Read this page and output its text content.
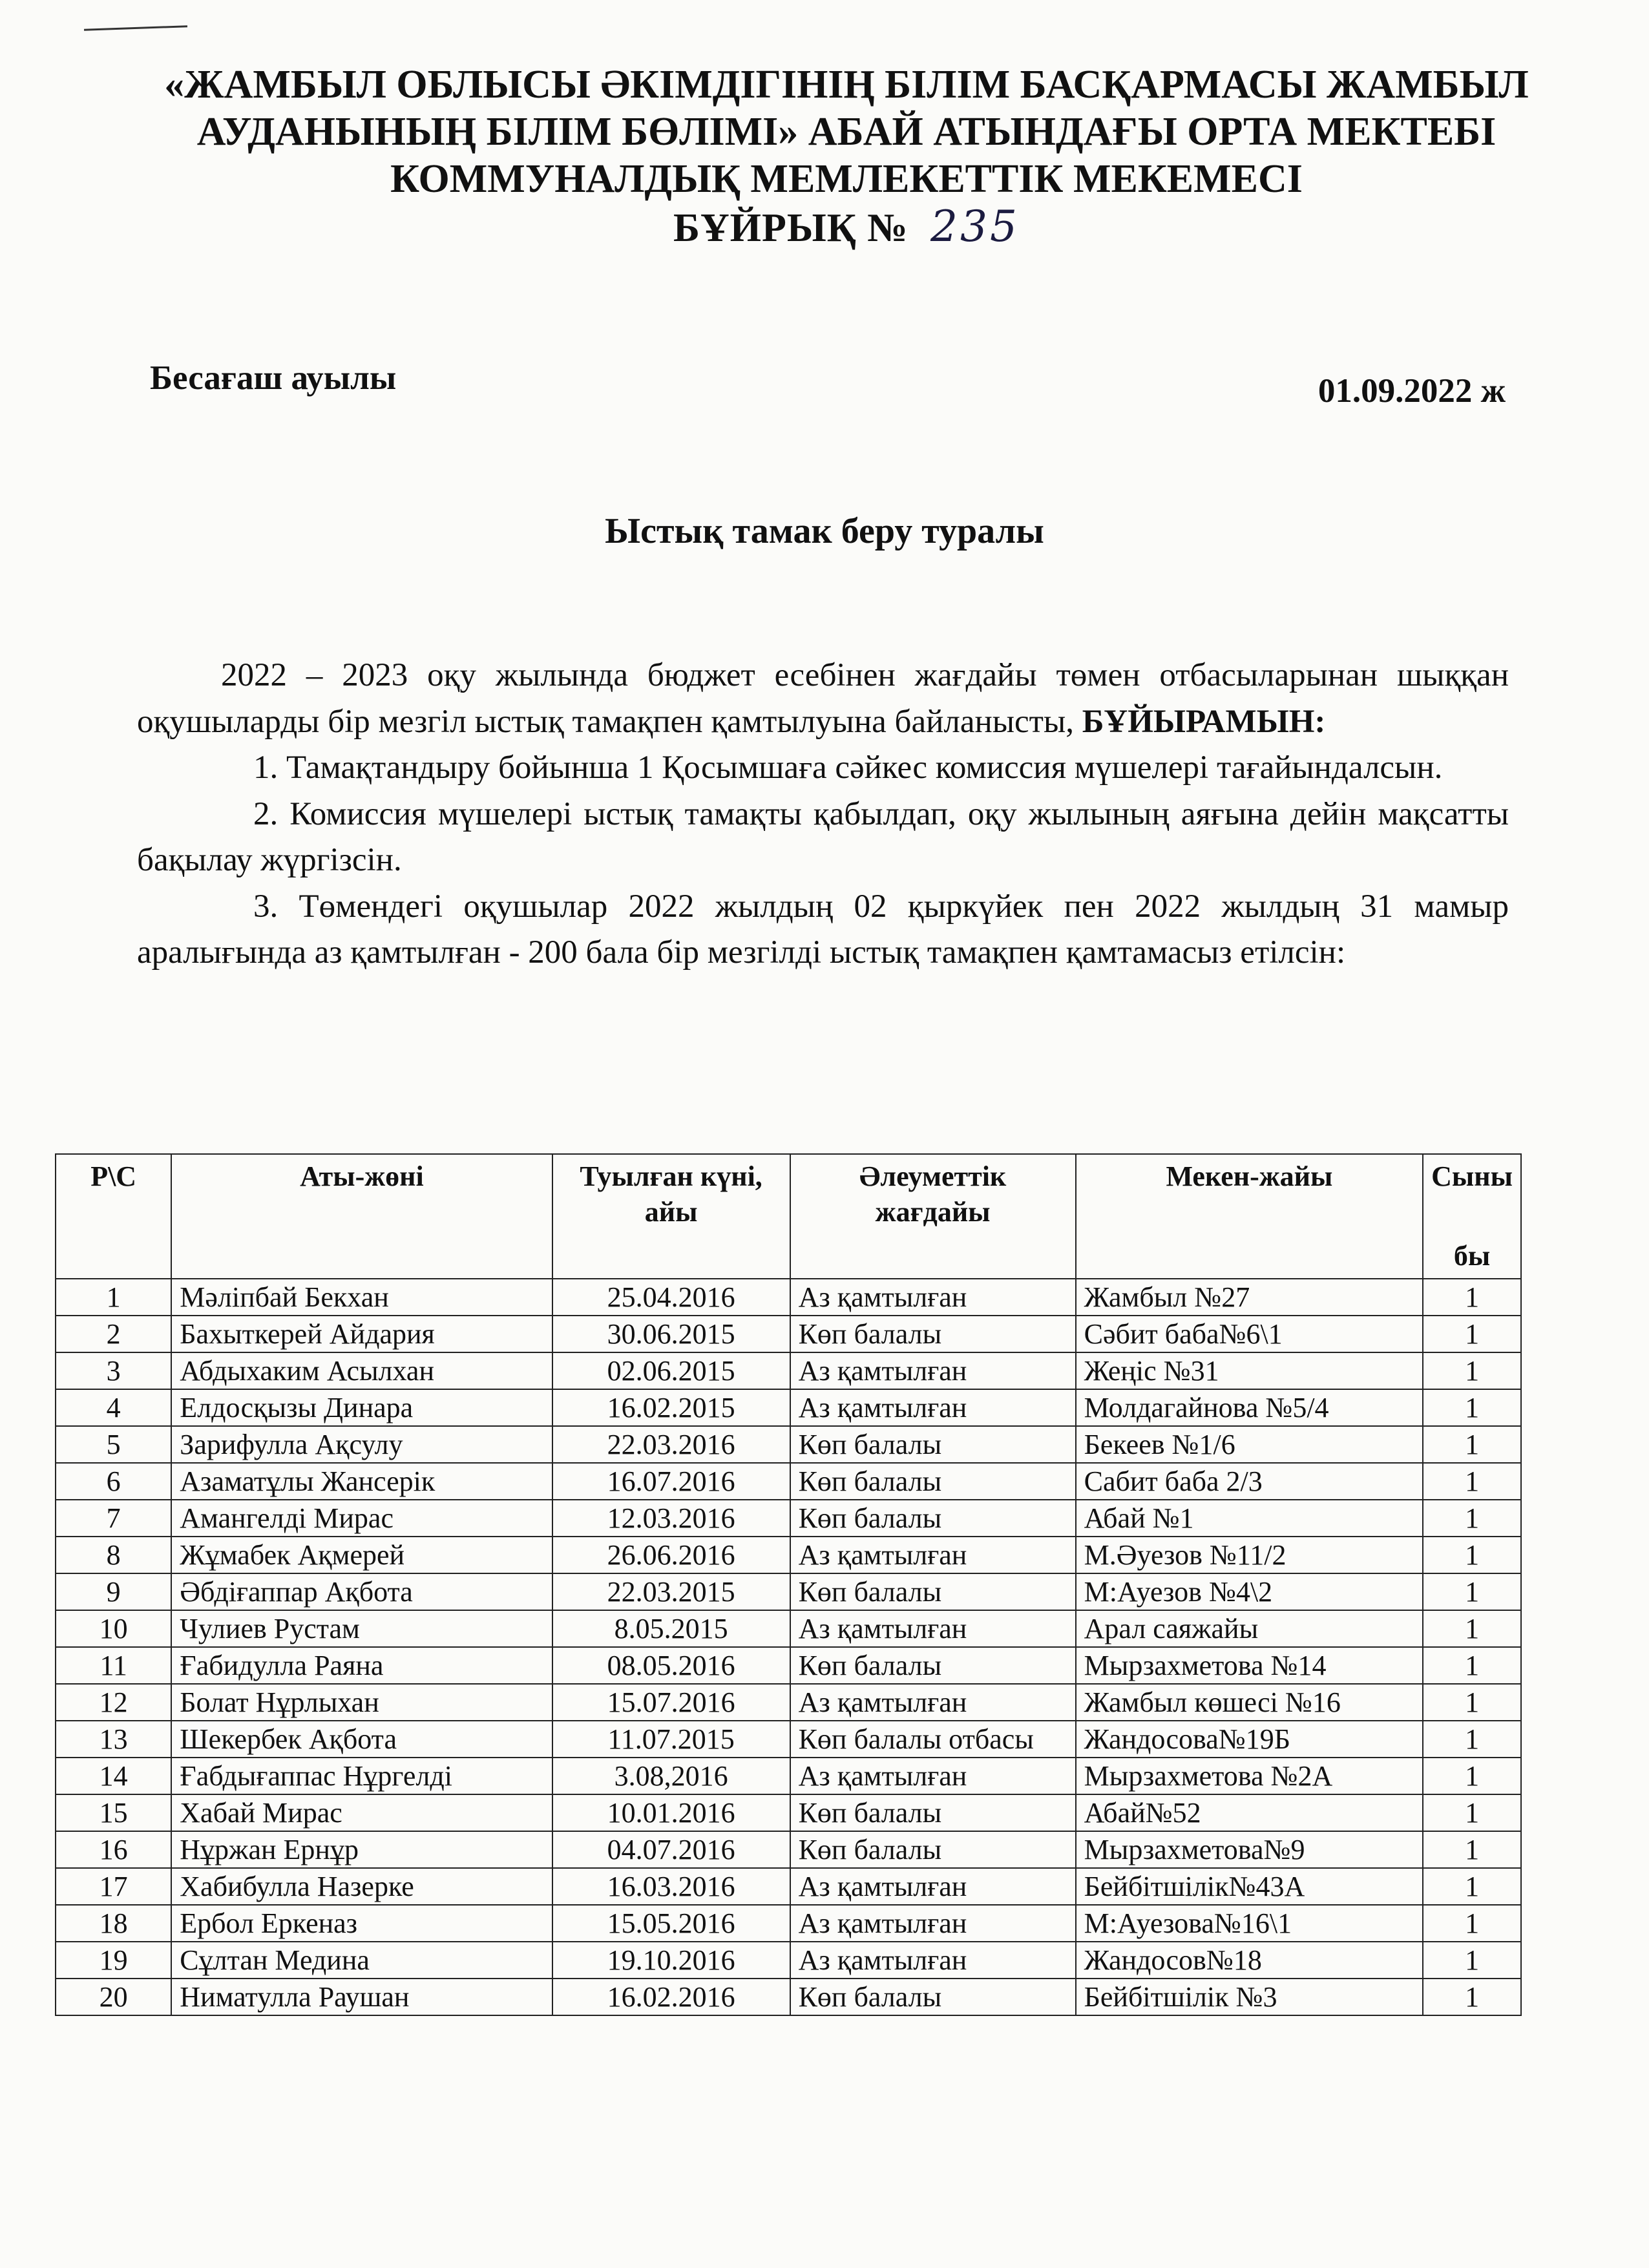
«ЖАМБЫЛ ОБЛЫСЫ ӘКІМДІГІНІҢ БІЛІМ БАСҚАРМАСЫ ЖАМБЫЛ
АУДАНЫНЫҢ БІЛІМ БӨЛІМІ» АБАЙ АТЫНДАҒЫ ОРТА МЕКТЕБІ
КОММУНАЛДЫҚ МЕМЛЕКЕТТІК МЕКЕМЕСІ
БҰЙРЫҚ № 235
Бесағаш ауылы	01.09.2022 ж
Ыстық тамак беру туралы

2022 – 2023 оқу жылында бюджет есебінен жағдайы төмен отбасыларынан шыққан оқушыларды бір мезгіл ыстық тамақпен қамтылуына байланысты, БҰЙЫРАМЫН:

1. Тамақтандыру бойынша 1 Қосымшаға сәйкес комиссия мүшелері тағайындалсын.

2. Комиссия мүшелері ыстық тамақты қабылдап, оқу жылының аяғына дейін мақсатты бақылау жүргізсін.

3. Төмендегі оқушылар 2022 жылдың 02 қыркүйек пен 2022 жылдың 31 мамыр аралығында аз қамтылған - 200 бала бір мезгілді ыстық тамақпен қамтамасыз етілсін:

Р\С	Аты-жөні	Туылған күні, айы	Әлеуметтік жағдайы	Мекен-жайы	Сыны
бы

1	Мәліпбай Бекхан	25.04.2016	Аз қамтылған	Жамбыл №27	1
2	Бахыткерей Айдария	30.06.2015	Көп балалы	Сәбит баба№6\1	1
3	Абдыхаким Асылхан	02.06.2015	Аз қамтылған	Жеңіс №31	1
4	Елдосқызы Динара	16.02.2015	Аз қамтылған	Молдагайнова №5/4	1
5	Зарифулла Ақсулу	22.03.2016	Көп балалы	Бекеев №1/6	1
6	Азаматұлы Жансерік	16.07.2016	Көп балалы	Сабит баба 2/3	1
7	Амангелді Мирас	12.03.2016	Көп балалы	Абай №1	1
8	Жұмабек Ақмерей	26.06.2016	Аз қамтылған	М.Әуезов №11/2	1
9	Әбдіғаппар Ақбота	22.03.2015	Көп балалы	М:Ауезов №4\2	1
10	Чулиев Рустам	8.05.2015	Аз қамтылған	Арал саяжайы	1
11	Ғабидулла Раяна	08.05.2016	Көп балалы	Мырзахметова №14	1
12	Болат Нұрлыхан	15.07.2016	Аз қамтылған	Жамбыл көшесі №16	1
13	Шекербек Ақбота	11.07.2015	Көп балалы отбасы	Жандосова№19Б	1
14	Ғабдығаппас Нұргелді	3.08,2016	Аз қамтылған	Мырзахметова №2А	1
15	Хабай Мирас	10.01.2016	Көп балалы	Абай№52	1
16	Нұржан Ернұр	04.07.2016	Көп балалы	Мырзахметова№9	1
17	Хабибулла Назерке	16.03.2016	Аз қамтылған	Бейбітшілік№43А	1
18	Ербол Еркеназ	15.05.2016	Аз қамтылған	М:Ауезова№16\1	1
19	Сұлтан Медина	19.10.2016	Аз қамтылған	Жандосов№18	1
20	Ниматулла Раушан	16.02.2016	Көп балалы	Бейбітшілік №3	1
